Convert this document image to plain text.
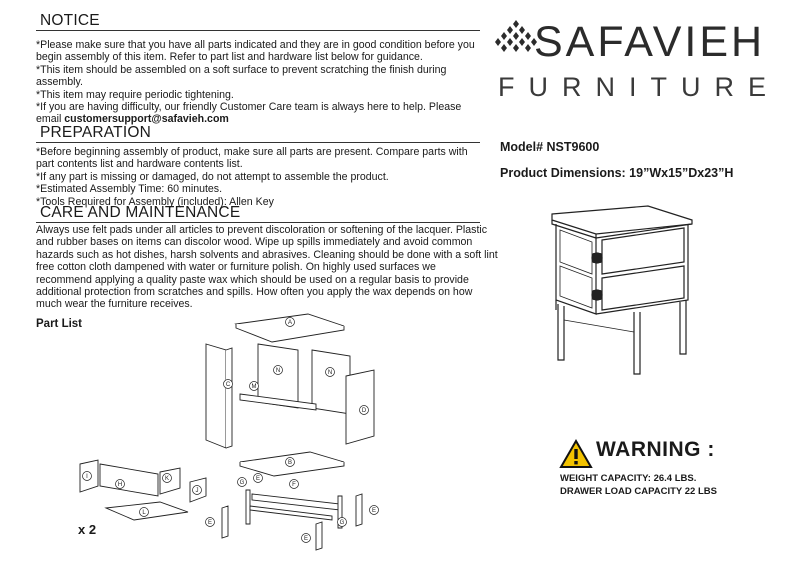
NOTICE

*Please make sure that you have all parts indicated and they are in good condition before you

begin assembly of this item. Refer to part list and hardware list below for guidance.

*This item should be assembled on a soft surface to prevent scratching the finish during

assembly.

*This item may require periodic tightening.

*If you are having difficulty, our friendly Customer Care team is always here to help. Please

email customersupport@safavieh.com

PREPARATION

*Before beginning assembly of product, make sure all parts are present. Compare parts with

part contents list and hardware contents list.

*If any part is missing or damaged, do not attempt to assemble the product.

*Estimated Assembly Time: 60 minutes.

*Tools Required for Assembly (included): Allen Key

CARE AND MAINTENANCE

Always use felt pads under all articles to prevent discoloration or softening of the lacquer. Plastic

and rubber bases on items can discolor wood. Wipe up spills immediately and avoid common

hazards such as hot dishes, harsh solvents and abrasives. Cleaning should be done with a soft lint

free cotton cloth dampened with water or furniture polish. On highly used surfaces we

recommend applying a quality paste wax which should be used on a regular basis to provide

additional protection from scratches and spills. How often you apply the wax depends on how

much wear the furniture receives.

SAFAVIEH
FURNITURE
Model# NST9600
Product Dimensions: 19”Wx15”Dx23”H
WARNING :
WEIGHT CAPACITY: 26.4 LBS.
DRAWER LOAD CAPACITY 22 LBS
Part List
x 2
A
C	M
N	N
D
B
H
I	K
J
L
G
E
F
E	G
E
E
